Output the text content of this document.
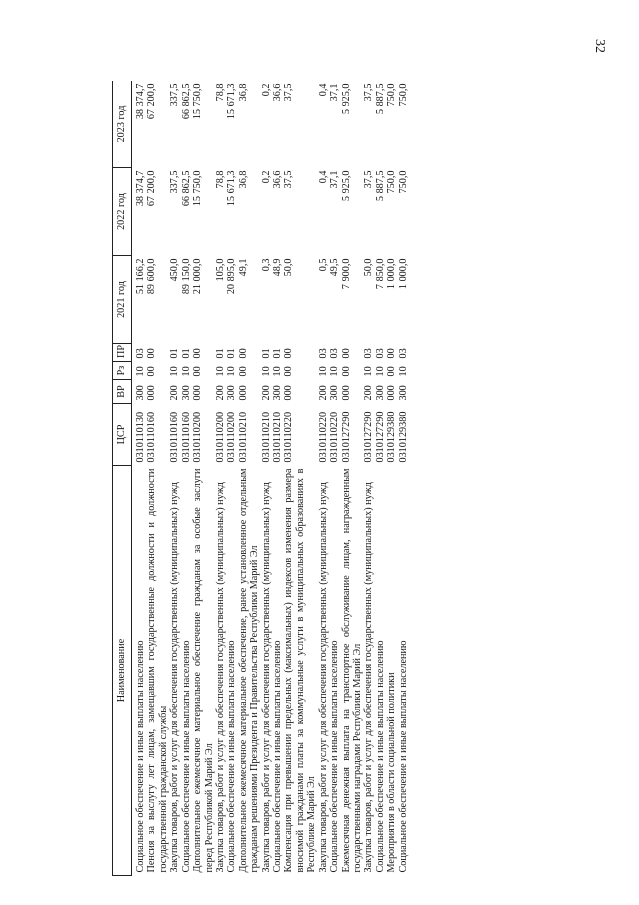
32
Наименование	ЦСР	ВР	Рз	ПР	2021 год	2022 год	2023 год
Социальное обеспечение и иные выплаты населению	0310110130	300	10	03	51 166,2	38 374,7	38 374,7
Пенсия за выслугу лет лицам, замещавшим государственные должности и должности государственной гражданской службы	0310110160	000	00	00	89 600,0	67 200,0	67 200,0
Закупка товаров, работ и услуг для обеспечения государственных (муниципальных) нужд	0310110160	200	10	01	450,0	337,5	337,5
Социальное обеспечение и иные выплаты населению	0310110160	300	10	01	89 150,0	66 862,5	66 862,5
Дополнительное ежемесячное материальное обеспечение гражданам за особые заслуги перед Республикой Марий Эл	0310110200	000	00	00	21 000,0	15 750,0	15 750,0
Закупка товаров, работ и услуг для обеспечения государственных (муниципальных) нужд	0310110200	200	10	01	105,0	78,8	78,8
Социальное обеспечение и иные выплаты населению	0310110200	300	10	01	20 895,0	15 671,3	15 671,3
Дополнительное ежемесячное материальное обеспечение, ранее установленное отдельным гражданам решениями Президента и Правительства Республики Марий Эл	0310110210	000	00	00	49,1	36,8	36,8
Закупка товаров, работ и услуг для обеспечения государственных (муниципальных) нужд	0310110210	200	10	01	0,3	0,2	0,2
Социальное обеспечение и иные выплаты населению	0310110210	300	10	01	48,9	36,6	36,6
Компенсация при превышении предельных (максимальных) индексов изменения размера вносимой гражданами платы за коммунальные услуги в муниципальных образованиях в Республике Марий Эл	0310110220	000	00	00	50,0	37,5	37,5
Закупка товаров, работ и услуг для обеспечения государственных (муниципальных) нужд	0310110220	200	10	03	0,5	0,4	0,4
Социальное обеспечение и иные выплаты населению	0310110220	300	10	03	49,5	37,1	37,1
Ежемесячная денежная выплата на транспортное обслуживание лицам, награжденным государственными наградами Республики Марий Эл	0310127290	000	00	00	7 900,0	5 925,0	5 925,0
Закупка товаров, работ и услуг для обеспечения государственных (муниципальных) нужд	0310127290	200	10	03	50,0	37,5	37,5
Социальное обеспечение и иные выплаты населению	0310127290	300	10	03	7 850,0	5 887,5	5 887,5
Мероприятия в области социальной политики	0310129380	000	00	00	1 000,0	750,0	750,0
Социальное обеспечение и иные выплаты населению	0310129380	300	10	03	1 000,0	750,0	750,0
